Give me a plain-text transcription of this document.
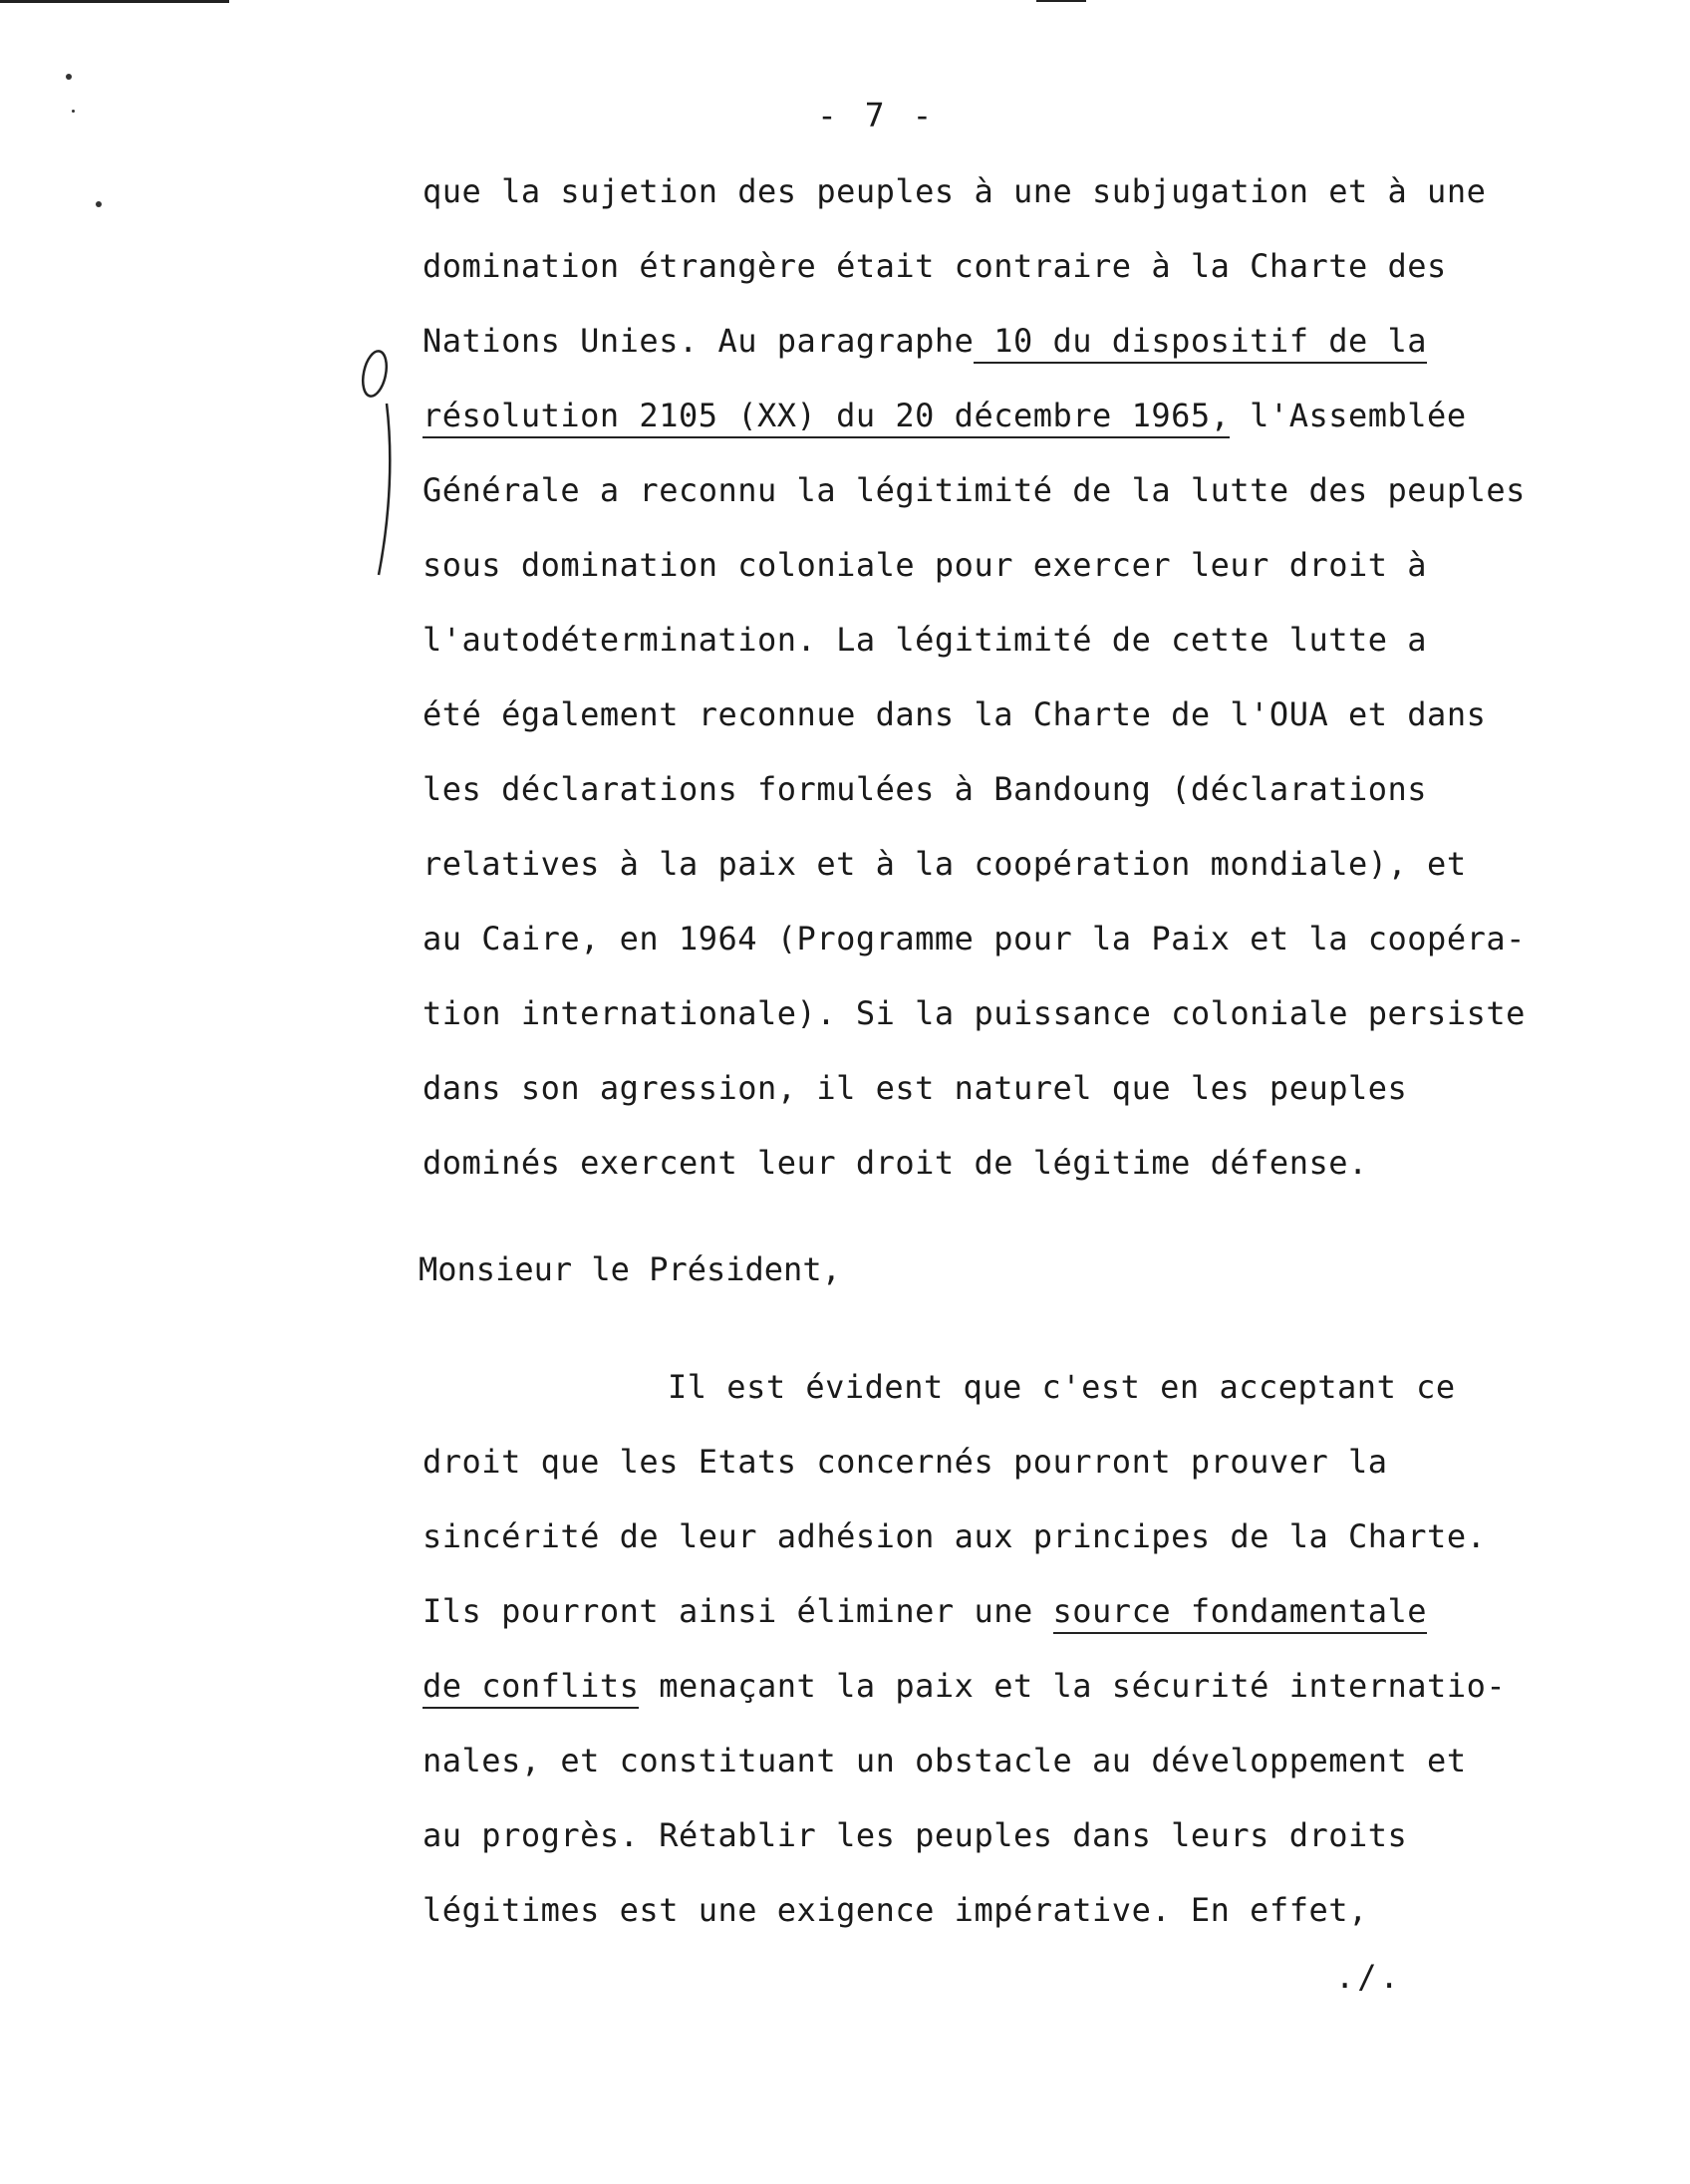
- 7 -
que la sujetion des peuples à une subjugation et à une
domination étrangère était contraire à la Charte des
Nations Unies. Au paragraphe 10 du dispositif de la
résolution 2105 (XX) du 20 décembre 1965, l'Assemblée
Générale a reconnu la légitimité de la lutte des peuples
sous domination coloniale pour exercer leur droit à
l'autodétermination. La légitimité de cette lutte a
été également reconnue dans la Charte de l'OUA et dans
les déclarations formulées à Bandoung (déclarations
relatives à la paix et à la coopération mondiale), et
au Caire, en 1964 (Programme pour la Paix et la coopéra-
tion internationale). Si la puissance coloniale persiste
dans son agression, il est naturel que les peuples
dominés exercent leur droit de légitime défense.
Monsieur le Président,
Il est évident que c'est en acceptant ce
droit que les Etats concernés pourront prouver la
sincérité de leur adhésion aux principes de la Charte.
Ils pourront ainsi éliminer une source fondamentale
de conflits menaçant la paix et la sécurité internatio-
nales, et constituant un obstacle au développement et
au progrès. Rétablir les peuples dans leurs droits
légitimes est une exigence impérative. En effet,
./.
